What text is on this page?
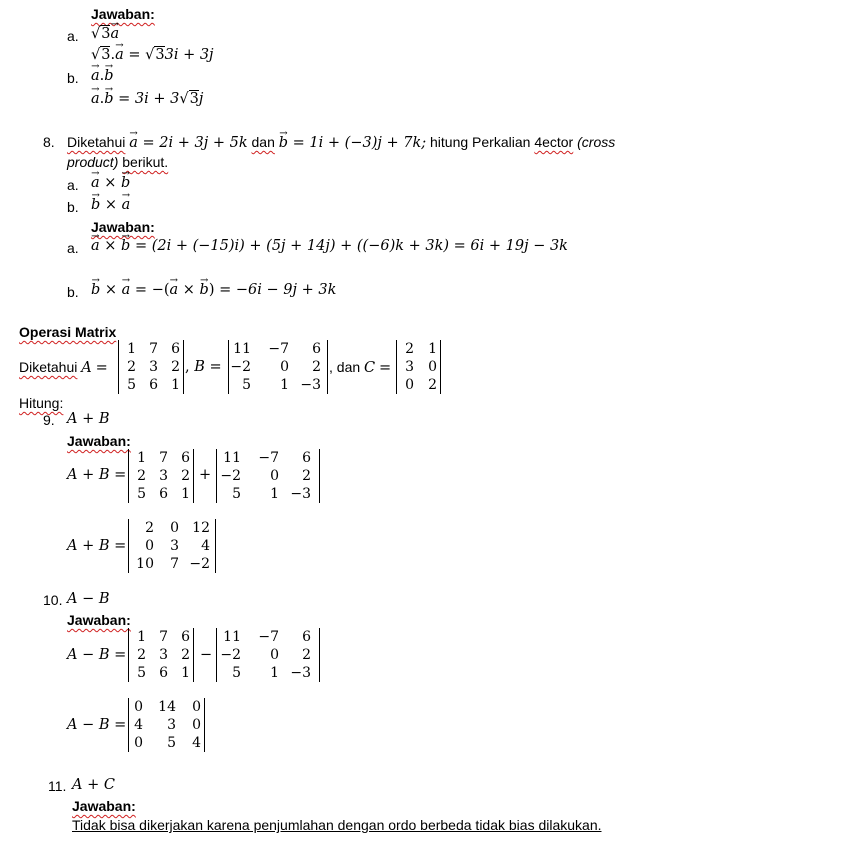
Jawaban:
a. √3→ a
√3.→ a = √33i + 3j
b. → a.→ b
→ a.→ b = 3i + 3√3j
8. Diketahui → a = 2i + 3j + 5k dan → b = 1i + (−3)j + 7k; hitung Perkalian 4ector (cross
product) berikut.
a. → a × → b
b. → b × → a
Jawaban:
a. → a × → b = (2i + (−15)i) + (5j + 14j) + ((−6)k + 3k) = 6i + 19j − 3k
b. → b × → a = −(→ a × → b) = −6i − 9j + 3k
Operasi Matrix
Diketahui A =
1 7 6
2 3 2
5 6 1
, B =
11 −7 6
−2 0 2
5 1 −3
, dan C =
2 1
3 0
0 2
Hitung:
9. A + B
Jawaban:
A + B =
1 7 6
2 3 2
5 6 1
+
11 −7 6
−2 0 2
5 1 −3
A + B =
2 0 12
0 3 4
10 7 −2
10. A − B
Jawaban:
A − B =
1 7 6
2 3 2
5 6 1
−
11 −7 6
−2 0 2
5 1 −3
A − B =
0 14 0
4 3 0
0 5 4
11. A + C
Jawaban:
Tidak bisa dikerjakan karena penjumlahan dengan ordo berbeda tidak bias dilakukan.
